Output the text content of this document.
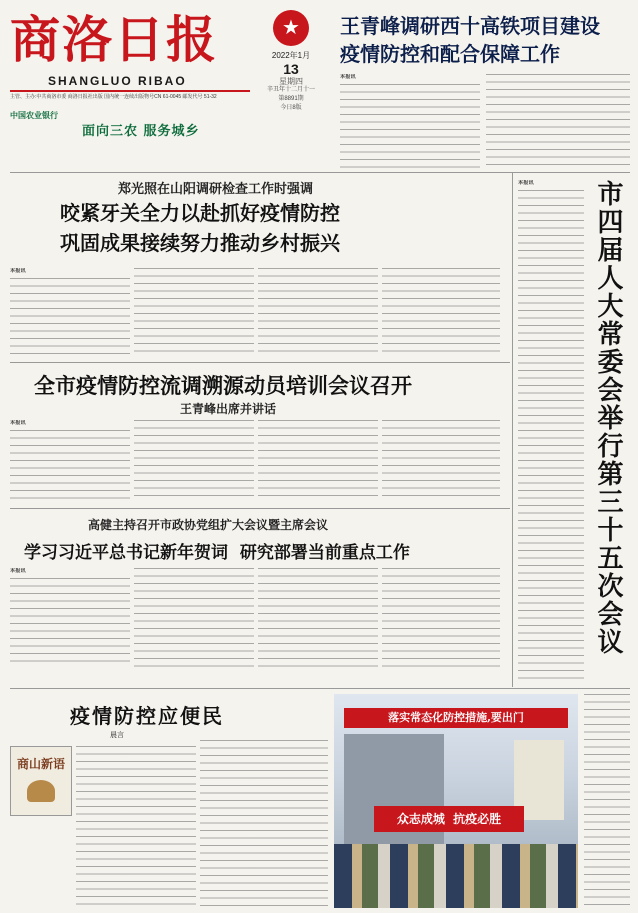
商洛日报
SHANGLUO RIBAO
主管、主办:中共商洛市委 商洛日报社出版 国内统一连续出版物号CN 61-0045 邮发代号 51-32
★
2022年1月
13
星期四
辛丑年十二月十一
第8891期
今日8版
中国农业银行
面向三农 服务城乡
王青峰调研西十高铁项目建设
疫情防控和配合保障工作
本报讯
郑光照在山阳调研检查工作时强调
咬紧牙关全力以赴抓好疫情防控
巩固成果接续努力推动乡村振兴
本报讯
全市疫情防控流调溯源动员培训会议召开
王青峰出席并讲话
本报讯
高健主持召开市政协党组扩大会议暨主席会议
学习习近平总书记新年贺词  研究部署当前重点工作
本报讯
本报讯	市四届人大常委会举行第三十五次会议
疫情防控应便民
晨言
商山新语
落实常态化防控措施,要出门
众志成城  抗疫必胜
